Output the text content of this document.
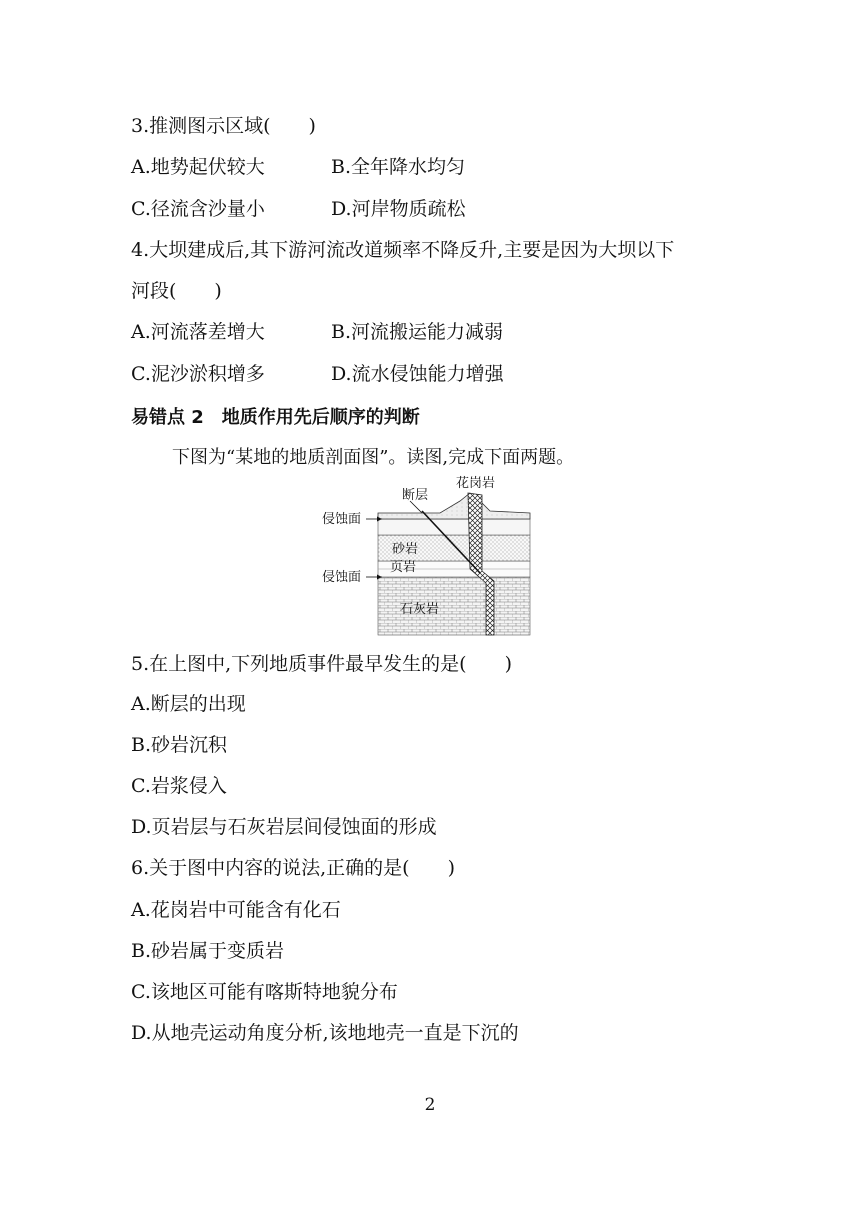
3.推测图示区域(　　)
A.地势起伏较大	B.全年降水均匀
C.径流含沙量小	D.河岸物质疏松
4.大坝建成后,其下游河流改道频率不降反升,主要是因为大坝以下
河段(　　)
A.河流落差增大	B.河流搬运能力减弱
C.泥沙淤积增多	D.流水侵蚀能力增强
易错点 2　地质作用先后顺序的判断
下图为“某地的地质剖面图”。读图,完成下面两题。
花岗岩
断层
侵蚀面
砂岩
页岩
侵蚀面
石灰岩
5.在上图中,下列地质事件最早发生的是(　　)
A.断层的出现
B.砂岩沉积
C.岩浆侵入
D.页岩层与石灰岩层间侵蚀面的形成
6.关于图中内容的说法,正确的是(　　)
A.花岗岩中可能含有化石
B.砂岩属于变质岩
C.该地区可能有喀斯特地貌分布
D.从地壳运动角度分析,该地地壳一直是下沉的
2
